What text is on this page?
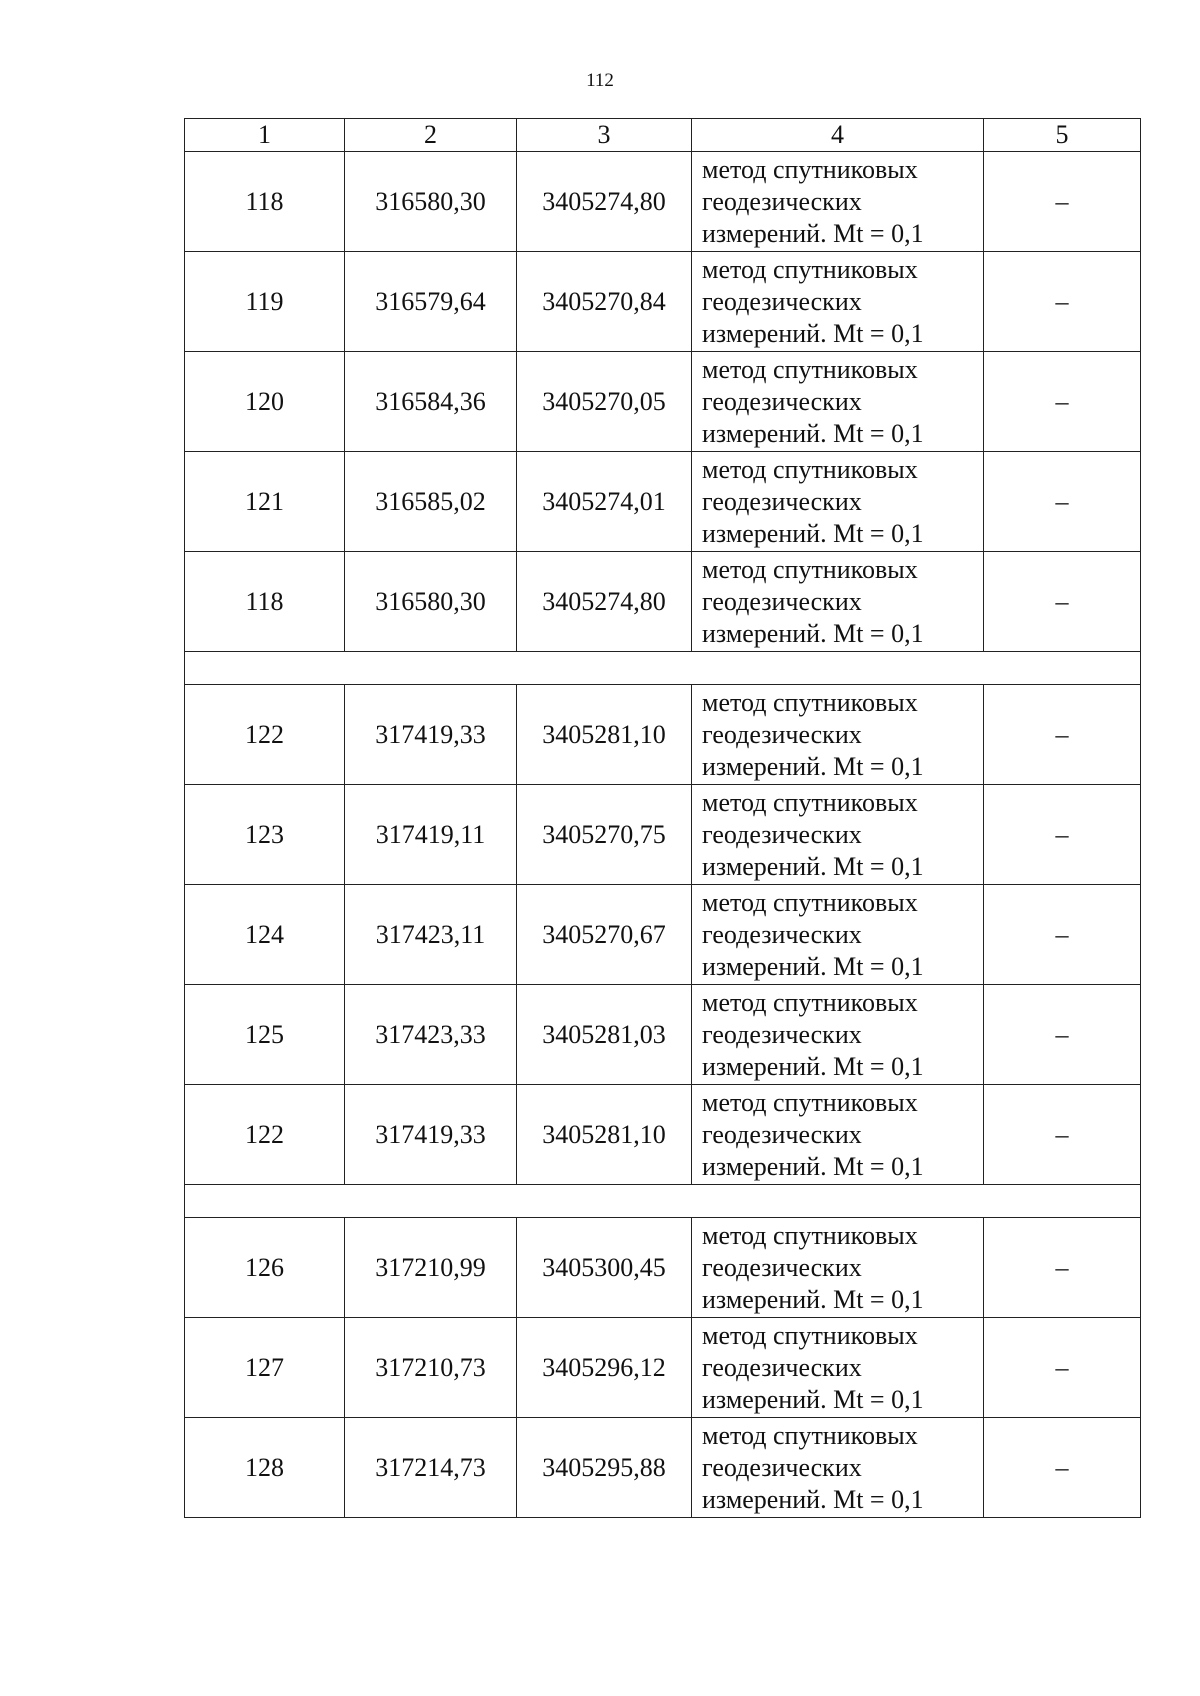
112
1	2	3	4	5
118	316580,30	3405274,80	метод спутниковых
геодезических
измерений. Mt = 0,1	–
119	316579,64	3405270,84	метод спутниковых
геодезических
измерений. Mt = 0,1	–
120	316584,36	3405270,05	метод спутниковых
геодезических
измерений. Mt = 0,1	–
121	316585,02	3405274,01	метод спутниковых
геодезических
измерений. Mt = 0,1	–
118	316580,30	3405274,80	метод спутниковых
геодезических
измерений. Mt = 0,1	–

122	317419,33	3405281,10	метод спутниковых
геодезических
измерений. Mt = 0,1	–
123	317419,11	3405270,75	метод спутниковых
геодезических
измерений. Mt = 0,1	–
124	317423,11	3405270,67	метод спутниковых
геодезических
измерений. Mt = 0,1	–
125	317423,33	3405281,03	метод спутниковых
геодезических
измерений. Mt = 0,1	–
122	317419,33	3405281,10	метод спутниковых
геодезических
измерений. Mt = 0,1	–

126	317210,99	3405300,45	метод спутниковых
геодезических
измерений. Mt = 0,1	–
127	317210,73	3405296,12	метод спутниковых
геодезических
измерений. Mt = 0,1	–
128	317214,73	3405295,88	метод спутниковых
геодезических
измерений. Mt = 0,1	–
